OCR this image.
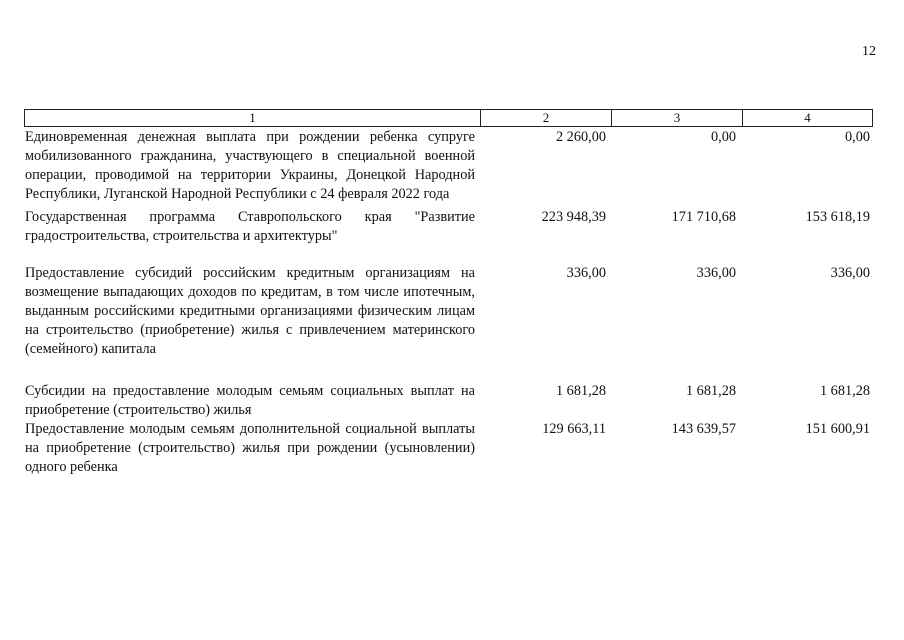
12
1	2	3	4
Единовременная денежная выплата при рождении ребенка супруге мобилизованного гражданина, участвующего в специальной военной операции, проводимой на территории Украины, Донецкой Народной Республики, Луганской Народной Республики с 24 февраля 2022 года
2 260,00	0,00	0,00
Государственная программа Ставропольского края "Развитие градостроительства, строительства и архитектуры"
223 948,39	171 710,68	153 618,19
Предоставление субсидий российским кредитным организациям на возмещение выпадающих доходов по кредитам, в том числе ипотечным, выданным российскими кредитными организациями физическим лицам на строительство (приобретение) жилья с привлечением материнского (семейного) капитала
336,00	336,00	336,00
Субсидии на предоставление молодым семьям социальных выплат на приобретение (строительство) жилья
1 681,28	1 681,28	1 681,28
Предоставление молодым семьям дополнительной социальной выплаты на приобретение (строительство) жилья при рождении (усыновлении) одного ребенка
129 663,11	143 639,57	151 600,91
